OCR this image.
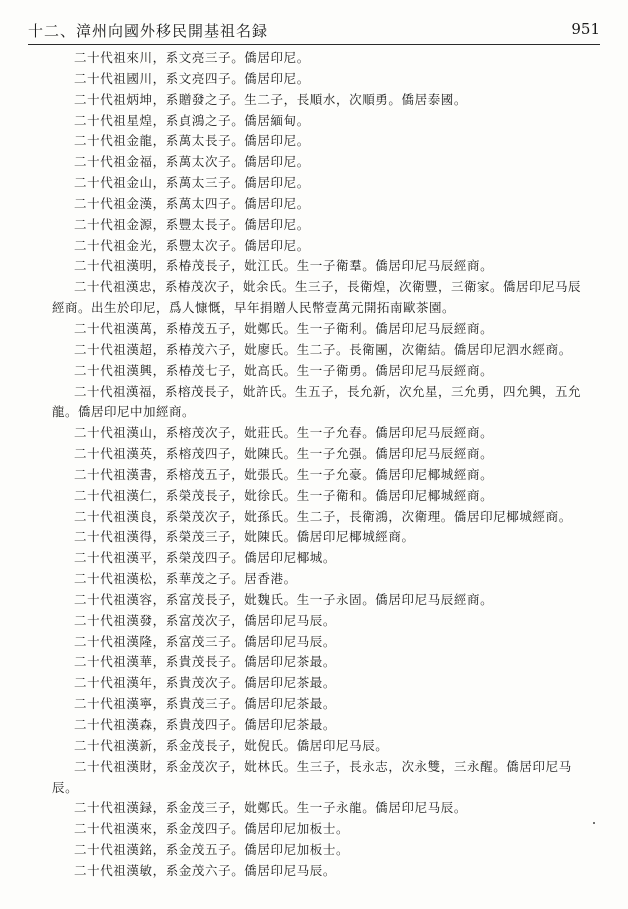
十二、漳州向國外移民開基祖名録	951

二十代祖來川，系文亮三子。僑居印尼。

二十代祖國川，系文亮四子。僑居印尼。

二十代祖炳坤，系贈發之子。生二子，長順水，次順勇。僑居泰國。

二十代祖星煌，系貞鴻之子。僑居緬甸。

二十代祖金龍，系萬太長子。僑居印尼。

二十代祖金福，系萬太次子。僑居印尼。

二十代祖金山，系萬太三子。僑居印尼。

二十代祖金漢，系萬太四子。僑居印尼。

二十代祖金源，系豐太長子。僑居印尼。

二十代祖金光，系豐太次子。僑居印尼。

二十代祖漢明，系椿茂長子，妣江氏。生一子衛羣。僑居印尼马辰經商。

二十代祖漢忠，系椿茂次子，妣余氏。生三子，長衛煌，次衛豐，三衛家。僑居印尼马辰經商。出生於印尼，爲人慷慨，早年捐贈人民幣壹萬元開拓南歐茶園。

二十代祖漢萬，系椿茂五子，妣鄭氏。生一子衛利。僑居印尼马辰經商。

二十代祖漢超，系椿茂六子，妣廖氏。生二子。長衛團，次衛結。僑居印尼泗水經商。

二十代祖漢興，系椿茂七子，妣高氏。生一子衛勇。僑居印尼马辰經商。

二十代祖漢福，系榕茂長子，妣許氏。生五子，長允新，次允星，三允勇，四允興，五允龍。僑居印尼中加經商。

二十代祖漢山，系榕茂次子，妣莊氏。生一子允春。僑居印尼马辰經商。

二十代祖漢英，系榕茂四子，妣陳氏。生一子允强。僑居印尼马辰經商。

二十代祖漢書，系榕茂五子，妣張氏。生一子允豪。僑居印尼椰城經商。

二十代祖漢仁，系榮茂長子，妣徐氏。生一子衛和。僑居印尼椰城經商。

二十代祖漢良，系榮茂次子，妣孫氏。生二子，長衛鴻，次衛理。僑居印尼椰城經商。

二十代祖漢得，系榮茂三子，妣陳氏。僑居印尼椰城經商。

二十代祖漢平，系榮茂四子。僑居印尼椰城。

二十代祖漢松，系華茂之子。居香港。

二十代祖漢容，系富茂長子，妣魏氏。生一子永固。僑居印尼马辰經商。

二十代祖漢發，系富茂次子，僑居印尼马辰。

二十代祖漢隆，系富茂三子。僑居印尼马辰。

二十代祖漢華，系貴茂長子。僑居印尼茶最。

二十代祖漢年，系貴茂次子。僑居印尼茶最。

二十代祖漢寧，系貴茂三子。僑居印尼茶最。

二十代祖漢森，系貴茂四子。僑居印尼茶最。

二十代祖漢新，系金茂長子，妣倪氏。僑居印尼马辰。

二十代祖漢財，系金茂次子，妣林氏。生三子，長永志，次永雙，三永醒。僑居印尼马辰。

二十代祖漢録，系金茂三子，妣鄭氏。生一子永龍。僑居印尼马辰。

二十代祖漢來，系金茂四子。僑居印尼加板士。

二十代祖漢銘，系金茂五子。僑居印尼加板士。

二十代祖漢敏，系金茂六子。僑居印尼马辰。
